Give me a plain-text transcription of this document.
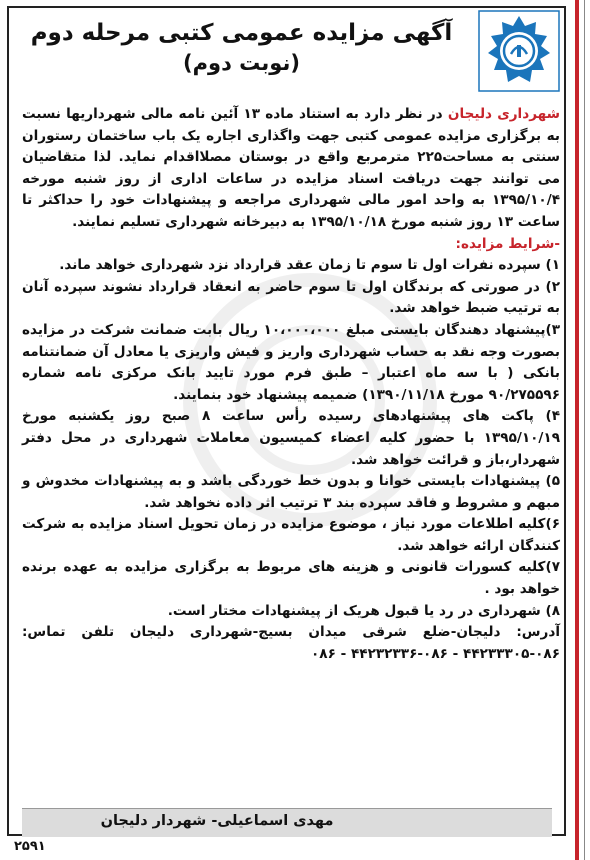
آگهی مزایده عمومی کتبی مرحله دوم
(نوبت دوم)

شهرداری دلیجان در نظر دارد به استناد ماده ۱۳ آئین نامه مالی شهرداریها نسبت به برگزاری مزایده عمومی کتبی جهت واگذاری اجاره یک باب ساختمان رستوران سنتی به مساحت۲۲۵ مترمربع واقع در بوستان مصلااقدام نماید. لذا متقاضیان می توانند جهت دریافت اسناد مزایده در ساعات اداری از روز شنبه مورخه ۱۳۹۵/۱۰/۴ به واحد امور مالی شهرداری مراجعه و پیشنهادات خود را حداکثر تا ساعت ۱۳ روز شنبه مورخ ۱۳۹۵/۱۰/۱۸ به دبیرخانه شهرداری تسلیم نمایند.

-شرایط مزایده:

۱) سپرده نفرات اول تا سوم تا زمان عقد قرارداد نزد شهرداری خواهد ماند.

۲) در صورتی که برندگان اول تا سوم حاضر به انعقاد قرارداد نشوند سپرده آنان به ترتیب ضبط خواهد شد.

۳)پیشنهاد دهندگان بایستی مبلغ ۱۰،۰۰۰،۰۰۰ ریال بابت ضمانت شرکت در مزایده بصورت وجه نقد به حساب شهرداری واریز و فیش واریزی یا معادل آن ضمانتنامه بانکی ( با سه ماه اعتبار – طبق فرم مورد تایید بانک مرکزی نامه شماره ۹۰/۲۷۵۵۹۶ مورخ ۱۳۹۰/۱۱/۱۸) ضمیمه پیشنهاد خود بنمایند.

۴) پاکت های پیشنهادهای رسیده رأس ساعت ۸ صبح روز یکشنبه مورخ ۱۳۹۵/۱۰/۱۹ با حضور کلیه اعضاء کمیسیون معاملات شهرداری در محل دفتر شهردار،باز و قرائت خواهد شد.

۵) پیشنهادات بایستی خوانا و بدون خط خوردگی باشد و به پیشنهادات مخدوش و مبهم و مشروط و فاقد سپرده بند ۳ ترتیب اثر داده نخواهد شد.

۶)کلیه اطلاعات مورد نیاز ، موضوع مزایده در زمان تحویل اسناد مزایده به شرکت کنندگان ارائه خواهد شد.

۷)کلیه کسورات قانونی و هزینه های مربوط به برگزاری مزایده به عهده برنده خواهد بود .

۸) شهرداری در رد یا قبول هریک از پیشنهادات مختار است.

آدرس: دلیجان-ضلع شرقی میدان بسیج-شهرداری دلیجان تلفن تماس: ۰۸۶-۴۴۲۳۳۳۰۵ - ۰۸۶-۴۴۲۳۲۳۳۶ - ۰۸۶

مهدی اسماعیلی- شهردار دلیجان
۲۵۹۱
